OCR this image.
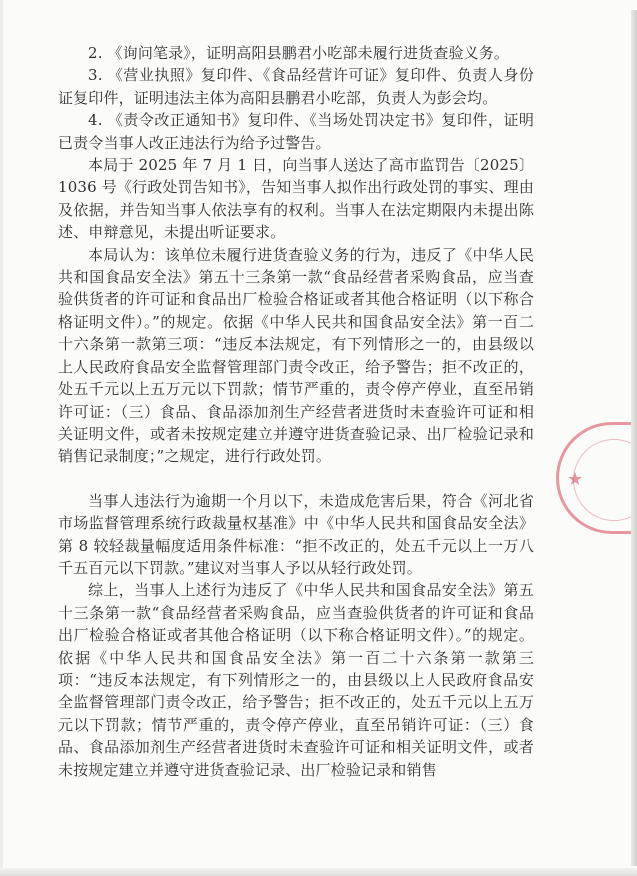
2. 《询问笔录》，证明高阳县鹏君小吃部未履行进货查验义务。

3. 《营业执照》复印件、《食品经营许可证》复印件、负责人身份证复印件，证明违法主体为高阳县鹏君小吃部，负责人为彭会均。

4. 《责令改正通知书》复印件、《当场处罚决定书》复印件，证明已责令当事人改正违法行为给予过警告。

本局于 2025 年 7 月 1 日，向当事人送达了高市监罚告〔2025〕1036 号《行政处罚告知书》，告知当事人拟作出行政处罚的事实、理由及依据，并告知当事人依法享有的权利。当事人在法定期限内未提出陈述、申辩意见，未提出听证要求。

本局认为：该单位未履行进货查验义务的行为，违反了《中华人民共和国食品安全法》第五十三条第一款“食品经营者采购食品，应当查验供货者的许可证和食品出厂检验合格证或者其他合格证明（以下称合格证明文件）。”的规定。依据《中华人民共和国食品安全法》第一百二十六条第一款第三项：“违反本法规定，有下列情形之一的，由县级以上人民政府食品安全监督管理部门责令改正，给予警告；拒不改正的，处五千元以上五万元以下罚款；情节严重的，责令停产停业，直至吊销许可证：（三）食品、食品添加剂生产经营者进货时未查验许可证和相关证明文件，或者未按规定建立并遵守进货查验记录、出厂检验记录和销售记录制度；”之规定，进行行政处罚。

当事人违法行为逾期一个月以下，未造成危害后果，符合《河北省市场监督管理系统行政裁量权基准》中《中华人民共和国食品安全法》第 8 较轻裁量幅度适用条件标准：“拒不改正的，处五千元以上一万八千五百元以下罚款。”建议对当事人予以从轻行政处罚。

综上，当事人上述行为违反了《中华人民共和国食品安全法》第五十三条第一款“食品经营者采购食品，应当查验供货者的许可证和食品出厂检验合格证或者其他合格证明（以下称合格证明文件）。”的规定。依据《中华人民共和国食品安全法》第一百二十六条第一款第三项：“违反本法规定，有下列情形之一的，由县级以上人民政府食品安全监督管理部门责令改正，给予警告；拒不改正的，处五千元以上五万元以下罚款；情节严重的，责令停产停业，直至吊销许可证：（三）食品、食品添加剂生产经营者进货时未查验许可证和相关证明文件，或者未按规定建立并遵守进货查验记录、出厂检验记录和销售

★
